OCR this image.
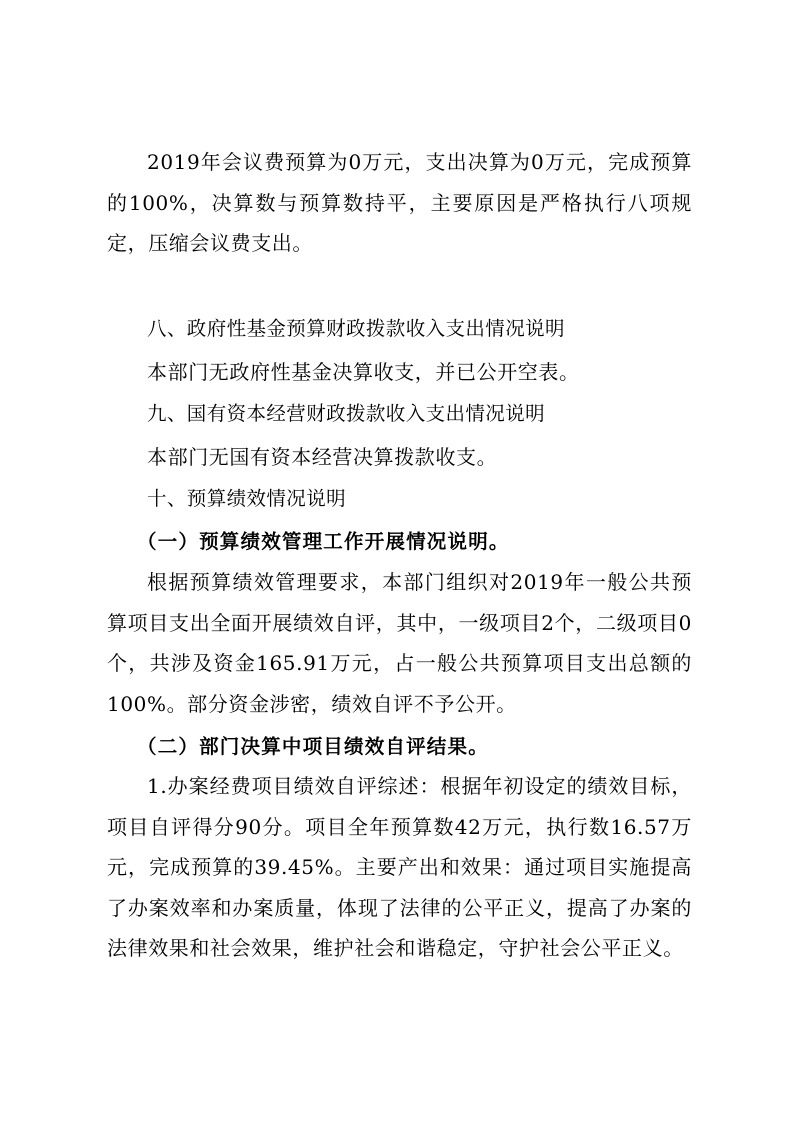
2019年会议费预算为0万元，支出决算为0万元，完成预算的100%，决算数与预算数持平，主要原因是严格执行八项规定，压缩会议费支出。

八、政府性基金预算财政拨款收入支出情况说明

本部门无政府性基金决算收支，并已公开空表。

九、国有资本经营财政拨款收入支出情况说明

本部门无国有资本经营决算拨款收支。

十、预算绩效情况说明

（一）预算绩效管理工作开展情况说明。

根据预算绩效管理要求，本部门组织对2019年一般公共预算项目支出全面开展绩效自评，其中，一级项目2个，二级项目0个，共涉及资金165.91万元，占一般公共预算项目支出总额的100%。部分资金涉密，绩效自评不予公开。

（二）部门决算中项目绩效自评结果。

1.办案经费项目绩效自评综述：根据年初设定的绩效目标，项目自评得分90分。项目全年预算数42万元，执行数16.57万元，完成预算的39.45%。主要产出和效果：通过项目实施提高了办案效率和办案质量，体现了法律的公平正义，提高了办案的法律效果和社会效果，维护社会和谐稳定，守护社会公平正义。
